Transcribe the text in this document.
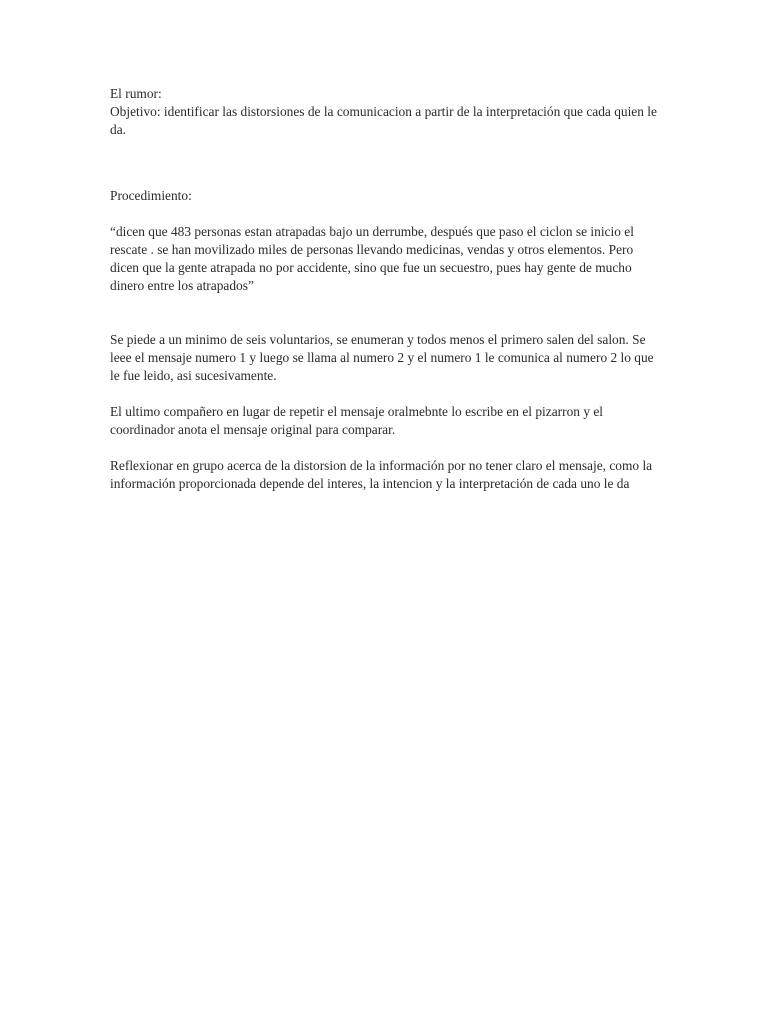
El rumor:

Objetivo: identificar las distorsiones de la comunicacion a partir de la interpretación que cada quien le da.

Procedimiento:

“dicen que 483 personas estan atrapadas bajo un derrumbe, después que paso el ciclon se inicio el rescate . se han movilizado miles de personas llevando medicinas, vendas y otros elementos. Pero dicen que la gente atrapada no por accidente, sino que fue un secuestro, pues hay gente de mucho dinero entre los atrapados”

Se piede a un minimo de seis voluntarios, se enumeran y todos menos el primero salen del salon. Se leee el mensaje numero 1 y luego se llama al numero 2 y el numero 1 le comunica al numero 2 lo que le fue leido, asi sucesivamente.

El ultimo compañero en lugar de repetir el mensaje oralmebnte lo escribe en el pizarron y el coordinador anota el mensaje original para comparar.

Reflexionar en grupo acerca de la distorsion de la información por no tener claro el mensaje, como la información proporcionada depende del interes, la intencion y la interpretación de cada uno le da
